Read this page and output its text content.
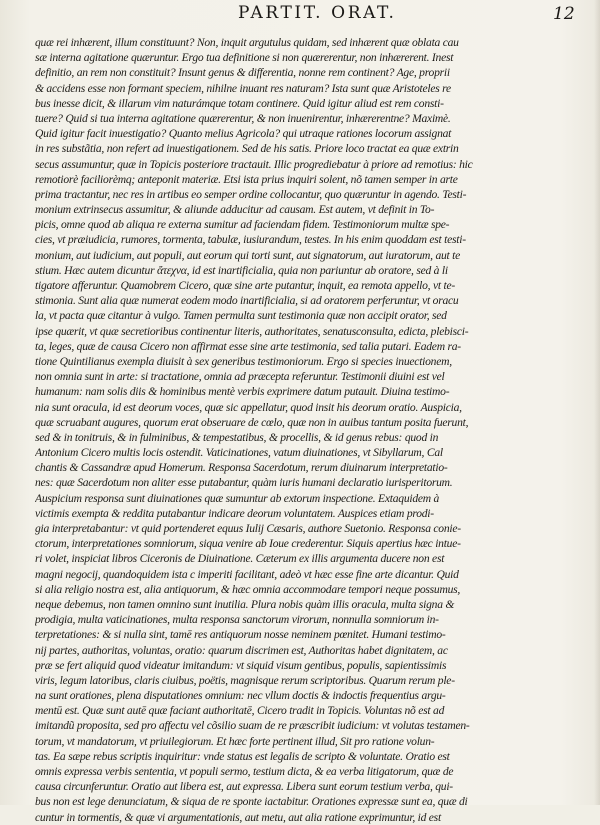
PARTIT. ORAT.	12
quæ rei inhærent, illum constituunt? Non, inquit argutulus quidam, sed inhærent quæ oblata cau
sæ interna agitatione quæruntur. Ergo tua definitione si non quærerentur, non inhærerent. Inest
definitio, an rem non constituit? Insunt genus & differentia, nonne rem continent? Age, proprii
& accidens esse non formant speciem, nihilne inuant res naturam? Ista sunt quæ Aristoteles re
bus inesse dicit, & illarum vim naturámque totam continere. Quid igitur aliud est rem consti-
tuere? Quid si tua interna agitatione quærerentur, & non inuenirentur, inhærerentne? Maximè.
Quid igitur facit inuestigatio? Quanto melius Agricola? qui utraque rationes locorum assignat
in res substãtia, non refert ad inuestigationem. Sed de his satis. Priore loco tractat ea quæ extrin
secus assumuntur, quæ in Topicis posteriore tractauit. Illic progrediebatur à priore ad remotius: hic
remotiorè faciliorèmq; anteponit materiæ. Etsi ista prius inquiri solent, nõ tamen semper in arte
prima tractantur, nec res in artibus eo semper ordine collocantur, quo quæruntur in agendo. Testi-
monium extrinsecus assumitur, & aliunde adducitur ad causam. Est autem, vt definit in To-
picis, omne quod ab aliqua re externa sumitur ad faciendam fidem. Testimoniorum multæ spe-
cies, vt præiudicia, rumores, tormenta, tabulæ, iusiurandum, testes. In his enim quoddam est testi-
monium, aut iudicium, aut populi, aut eorum qui torti sunt, aut signatorum, aut iuratorum, aut te
stium. Hæc autem dicuntur ἄτεχνα, id est inartificialia, quia non pariuntur ab oratore, sed à li
tigatore afferuntur. Quamobrem Cicero, quæ sine arte putantur, inquit, ea remota appello, vt te-
stimonia. Sunt alia quæ numerat eodem modo inartificialia, si ad oratorem perferuntur, vt oracu
la, vt pacta quæ citantur à vulgo. Tamen permulta sunt testimonia quæ non accipit orator, sed
ipse quærit, vt quæ secretioribus continentur literis, authoritates, senatusconsulta, edicta, plebisci-
ta, leges, quæ de causa Cicero non affirmat esse sine arte testimonia, sed talia putari. Eadem ra-
tione Quintilianus exempla diuisit à sex generibus testimoniorum. Ergo si species inuectionem,
non omnia sunt in arte: si tractatione, omnia ad præcepta referuntur. Testimonii diuini est vel
humanum: nam solis diis & hominibus mentè verbis exprimere datum putauit. Diuina testimo-
nia sunt oracula, id est deorum voces, quæ sic appellatur, quod insit his deorum oratio. Auspicia,
quæ scruabant augures, quorum erat obseruare de cœlo, quæ non in auibus tantum posita fuerunt,
sed & in tonitruis, & in fulminibus, & tempestatibus, & procellis, & id genus rebus: quod in
Antonium Cicero multis locis ostendit. Vaticinationes, vatum diuinationes, vt Sibyllarum, Cal
chantis & Cassandræ apud Homerum. Responsa Sacerdotum, rerum diuinarum interpretatio-
nes: quæ Sacerdotum non aliter esse putabantur, quàm iuris humani declaratio iurisperitorum.
Auspicium responsa sunt diuinationes quæ sumuntur ab extorum inspectione. Extaquidem à
victimis exempta & reddita putabantur indicare deorum voluntatem. Auspices etiam prodi-
gia interpretabantur: vt quid portenderet equus Iulij Cæsaris, authore Suetonio. Responsa conie-
ctorum, interpretationes somniorum, siqua venire ab Ioue crederentur. Siquis apertius hæc intue-
ri volet, inspiciat libros Ciceronis de Diuinatione. Cæterum ex illis argumenta ducere non est
magni negocij, quandoquidem ista c imperiti facilitant, adeò vt hæc esse fine arte dicantur. Quid
si alia religio nostra est, alia antiquorum, & hæc omnia accommodare tempori neque possumus,
neque debemus, non tamen omnino sunt inutilia. Plura nobis quàm illis oracula, multa signa &
prodigia, multa vaticinationes, multa responsa sanctorum virorum, nonnulla somniorum in-
terpretationes: & si nulla sint, tamē res antiquorum nosse neminem pœnitet. Humani testimo-
nij partes, authoritas, voluntas, oratio: quarum discrimen est, Authoritas habet dignitatem, ac
præ se fert aliquid quod videatur imitandum: vt siquid visum gentibus, populis, sapientissimis
viris, legum latoribus, claris ciuibus, poëtis, magnisque rerum scriptoribus. Quarum rerum ple-
na sunt orationes, plena disputationes omnium: nec vllum doctis & indoctis frequentius argu-
mentū est. Quæ sunt autē quæ faciant authoritatē, Cicero tradit in Topicis. Voluntas nõ est ad
imitandũ proposita, sed pro affectu vel cõsilio suam de re præscribit iudicium: vt volutas testamen-
torum, vt mandatorum, vt priuilegiorum. Et hæc forte pertinent illud, Sit pro ratione volun-
tas. Ea sæpe rebus scriptis inquiritur: vnde status est legalis de scripto & voluntate. Oratio est
omnis expressa verbis sententia, vt populi sermo, testium dicta, & ea verba litigatorum, quæ de
causa circunferuntur. Oratio aut libera est, aut expressa. Libera sunt eorum testium verba, qui-
bus non est lege denunciatum, & siqua de re sponte iactabitur. Orationes expressæ sunt ea, quæ di
cuntur in tormentis, & quæ vi argumentationis, aut metu, aut alia ratione exprimuntur, id est
